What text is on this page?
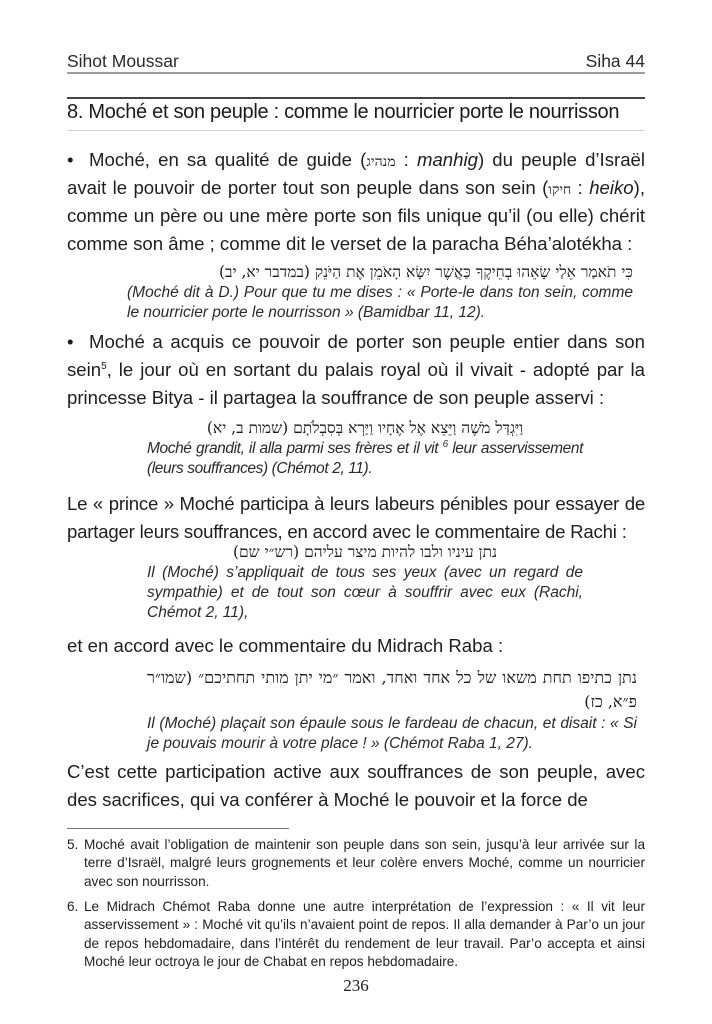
Sihot Moussar	Siha 44
8. Moché et son peuple : comme le nourricier porte le nourrisson

• Moché, en sa qualité de guide (מנהיג : manhig) du peuple d’Israël avait le pouvoir de porter tout son peuple dans son sein (חיקו : heiko), comme un père ou une mère porte son fils unique qu’il (ou elle) chérit comme son âme ; comme dit le verset de la paracha Béha’alotékha :

כִּי תֹאמַר אֵלַי שָׂאֵהוּ בְחֵיקֶךָ כַּאֲשֶׁר יִשָּׂא הָאֹמֵן אֶת הַיֹּנֵק (במדבר יא, יב)
(Moché dit à D.) Pour que tu me dises : « Porte-le dans ton sein, comme le nourricier porte le nourrisson » (Bamidbar 11, 12).

• Moché a acquis ce pouvoir de porter son peuple entier dans son sein$^5$, le jour où en sortant du palais royal où il vivait - adopté par la princesse Bitya - il partagea la souffrance de son peuple asservi :

וַיִּגְדַּל מֹשֶׁה וַיֵּצֵא אֶל אֶחָיו וַיַּרְא בְּסִבְלֹתָם (שמות ב, יא)
Moché grandit, il alla parmi ses frères et il vit $^6$ leur asservissement (leurs souffrances) (Chémot 2, 11).

Le « prince » Moché participa à leurs labeurs pénibles pour essayer de partager leurs souffrances, en accord avec le commentaire de Rachi :

נתן עיניו ולבו להיות מיצר עליהם (רש״י שם)
Il (Moché) s’appliquait de tous ses yeux (avec un regard de sympathie) et de tout son cœur à souffrir avec eux (Rachi, Chémot 2, 11),

et en accord avec le commentaire du Midrach Raba :

נתן כתיפו תחת משאו של כל אחד ואחד, ואמר ״מי יתן מותי תחתיכם״ (שמו״ר פ״א, כז)
Il (Moché) plaçait son épaule sous le fardeau de chacun, et disait : « Si je pouvais mourir à votre place ! » (Chémot Raba 1, 27).

C’est cette participation active aux souffrances de son peuple, avec des sacrifices, qui va conférer à Moché le pouvoir et la force de

5. Moché avait l’obligation de maintenir son peuple dans son sein, jusqu’à leur arrivée sur la terre d’Israël, malgré leurs grognements et leur colère envers Moché, comme un nourricier avec son nourrisson.

6. Le Midrach Chémot Raba donne une autre interprétation de l’expression : « Il vit leur asservissement » : Moché vit qu’ils n’avaient point de repos. Il alla demander à Par’o un jour de repos hebdomadaire, dans l’intérêt du rendement de leur travail. Par’o accepta et ainsi Moché leur octroya le jour de Chabat en repos hebdomadaire.

236
